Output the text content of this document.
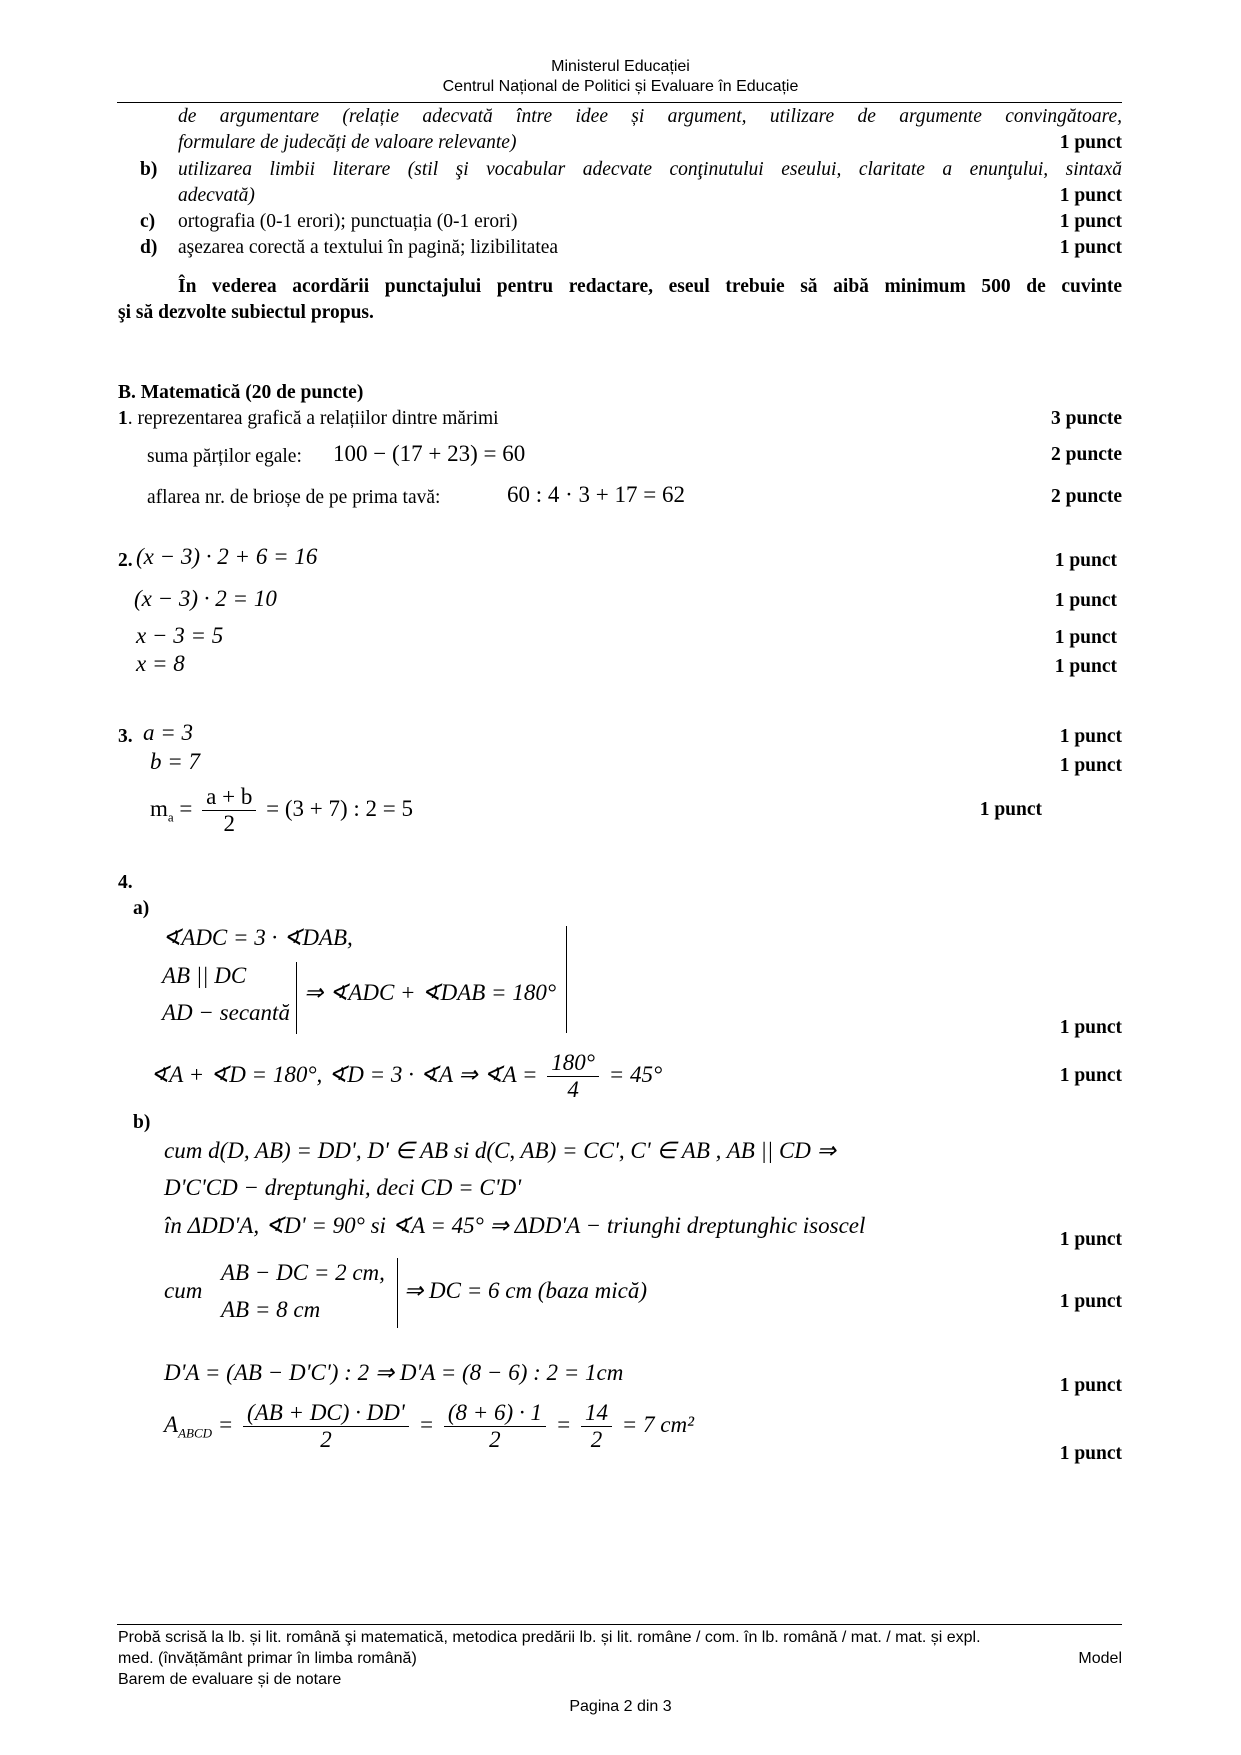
Ministerul Educației
Centrul Național de Politici și Evaluare în Educație
de argumentare (relație adecvată între idee și argument, utilizare de argumente convingătoare,
formulare de judecăți de valoare relevante)	1 punct
b) utilizarea limbii literare (stil şi vocabular adecvate conţinutului eseului, claritate a enunţului, sintaxă
adecvată)	1 punct
c) ortografia (0-1 erori); punctuația (0-1 erori)	1 punct
d) aşezarea corectă a textului în pagină; lizibilitatea	1 punct
În vederea acordării punctajului pentru redactare, eseul trebuie să aibă minimum 500 de cuvinte
şi să dezvolte subiectul propus.
B. Matematică (20 de puncte)
1. reprezentarea grafică a relațiilor dintre mărimi	3 puncte
suma părților egale: 100 − (17 + 23) = 60	2 puncte
aflarea nr. de brioșe de pe prima tavă:	60 : 4 · 3 + 17 = 62	2 puncte
2. (x − 3) · 2 + 6 = 16	1 punct
(x − 3) · 2 = 10	1 punct
x − 3 = 5	1 punct
x = 8	1 punct
3. a = 3	1 punct
b = 7	1 punct
$m_a = \frac{a + b}{2} = (3 + 7)$ : 2 = 5	1 punct
4.
a)
∢ADC = 3 · ∢DAB,
AB || DC
AD − secantă
⇒ ∢ADC + ∢DAB = 180°
1 punct
∢A + ∢D = 180°, ∢D = 3 · ∢A ⇒ ∢A = $\frac{180^\circ}{4} = 45^\circ$	1 punct
b)
cum d(D, AB) = DD', D' ∈ AB si d(C, AB) = CC', C' ∈ AB , AB || CD ⇒
D'C'CD − dreptunghi, deci CD = C'D'
în ΔDD'A, ∢D' = 90° si ∢A = 45° ⇒ ΔDD'A − triunghi dreptunghic isoscel
1 punct
cum
AB − DC = 2 cm,
AB = 8 cm
⇒ DC = 6 cm (baza mică)	1 punct
D'A = (AB − D'C') : 2 ⇒ D'A = (8 − 6) : 2 = 1cm
1 punct
$A_{ABCD} = \frac{(AB + DC) \cdot DD'}{2} = \frac{(8 + 6) \cdot 1}{2} = \frac{14}{2} = 7$ cm²
1 punct
Probă scrisă la lb. și lit. română şi matematică, metodica predării lb. și lit. române / com. în lb. română / mat. / mat. și expl.
med. (învățământ primar în limba română)	Model
Barem de evaluare și de notare
Pagina 2 din 3
